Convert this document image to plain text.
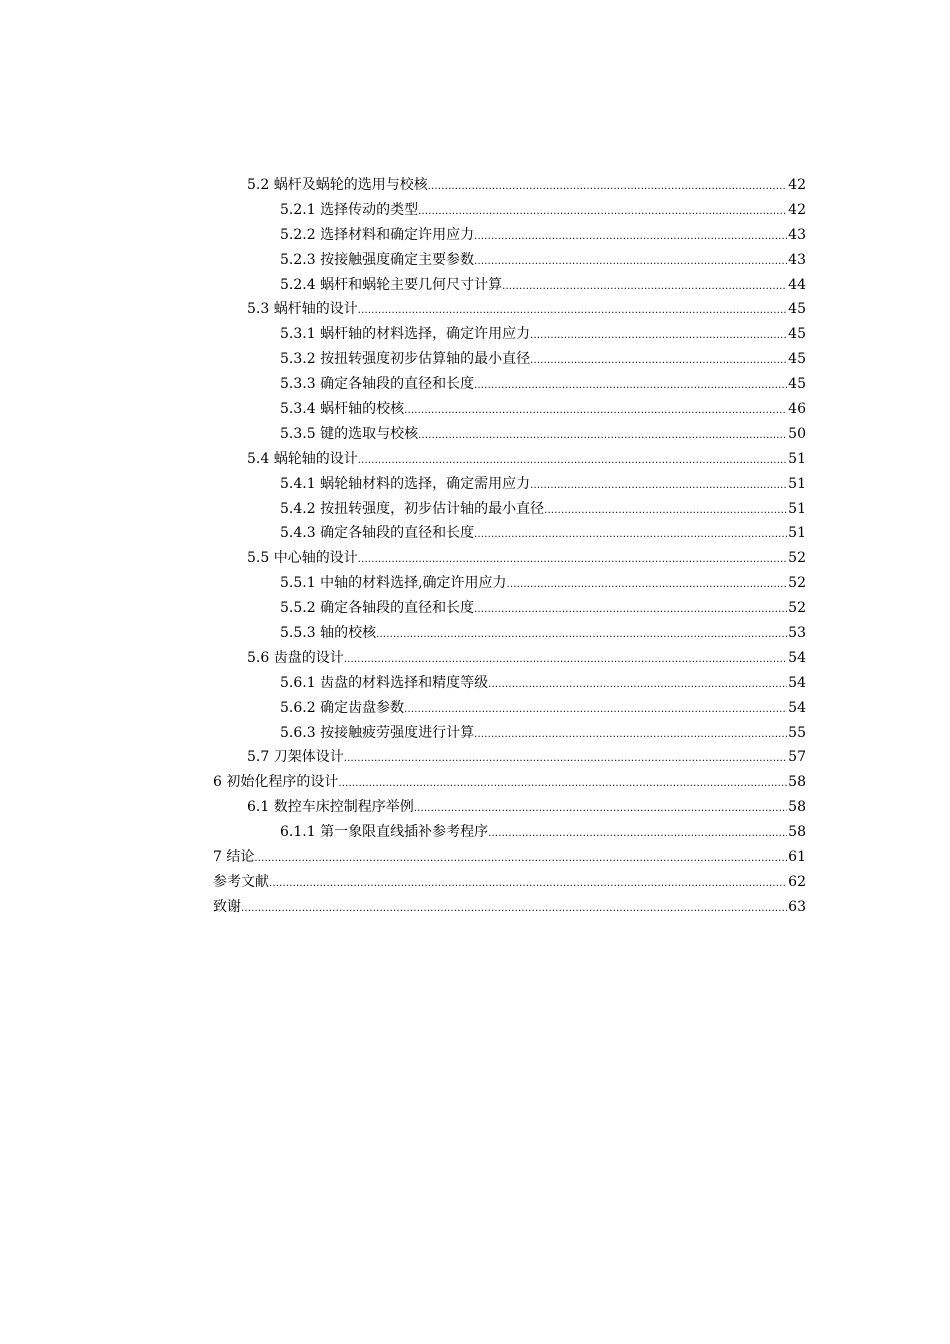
5.2 蜗杆及蜗轮的选用与校核 .....	42
5.2.1 选择传动的类型 .....	42
5.2.2 选择材料和确定许用应力 .....	43
5.2.3 按接触强度确定主要参数 .....	43
5.2.4 蜗杆和蜗轮主要几何尺寸计算 .....	44
5.3 蜗杆轴的设计 .....	45
5.3.1 蜗杆轴的材料选择，确定许用应力 .....	45
5.3.2 按扭转强度初步估算轴的最小直径 .....	45
5.3.3 确定各轴段的直径和长度 .....	45
5.3.4 蜗杆轴的校核 .....	46
5.3.5 键的选取与校核 .....	50
5.4 蜗轮轴的设计 .....	51
5.4.1 蜗轮轴材料的选择，确定需用应力 .....	51
5.4.2 按扭转强度，初步估计轴的最小直径 .....	51
5.4.3 确定各轴段的直径和长度 .....	51
5.5 中心轴的设计 .....	52
5.5.1 中轴的材料选择,确定许用应力 .....	52
5.5.2 确定各轴段的直径和长度 .....	52
5.5.3 轴的校核 .....	53
5.6 齿盘的设计 .....	54
5.6.1 齿盘的材料选择和精度等级 .....	54
5.6.2 确定齿盘参数 .....	54
5.6.3 按接触疲劳强度进行计算 .....	55
5.7 刀架体设计 .....	57
6 初始化程序的设计 .....	58
6.1 数控车床控制程序举例 .....	58
6.1.1 第一象限直线插补参考程序 .....	58
7 结论 .....	61
参考文献 .....	62
致谢 .....	63
